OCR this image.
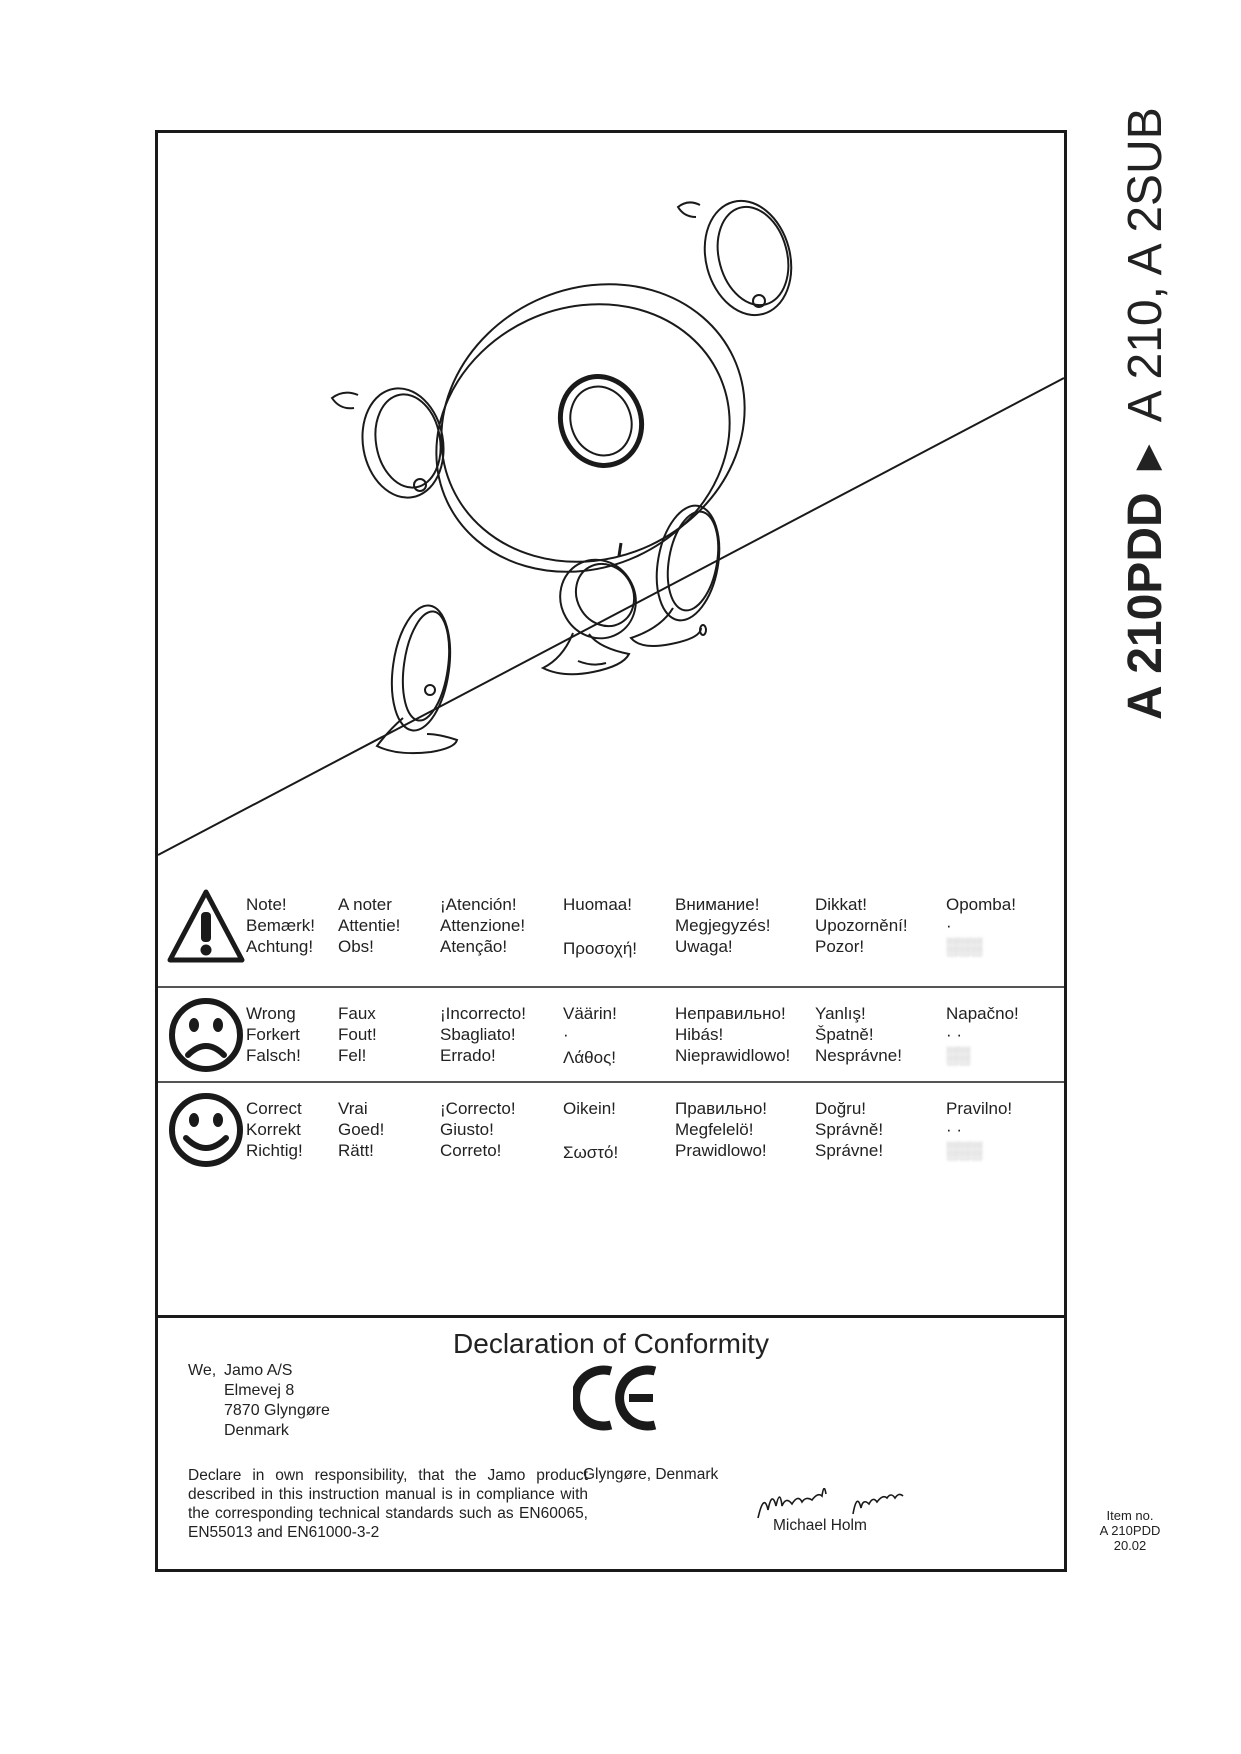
Note!
Bemærk!
Achtung!
A noter
Attentie!
Obs!
¡Atención!
Attenzione!
Atenção!
Huomaa!
Προσοχή!
Внимание!
Megjegyzés!
Uwaga!
Dikkat!
Upozornění!
Pozor!
Opomba!
·
░░░
Wrong
Forkert
Falsch!
Faux
Fout!
Fel!
¡Incorrecto!
Sbagliato!
Errado!
Väärin!
·
Λάθος!
Неправильно!
Hibás!
Nieprawidlowo!
Yanlış!
Špatně!
Nesprávne!
Napačno!
· ·
░░
Correct
Korrekt
Richtig!
Vrai
Goed!
Rätt!
¡Correcto!
Giusto!
Correto!
Oikein!
Σωστό!
Правильно!
Megfelelö!
Prawidlowo!
Doğru!
Správně!
Správne!
Pravilno!
· ·
░░░
Declaration of Conformity
We, Jamo A/S
Elmevej 8
7870 Glyngøre
Denmark
Declare in own responsibility, that the Jamo product described in this instruction manual is in compliance with the corresponding technical standards such as EN60065, EN55013 and EN61000-3-2
Glyngøre, Denmark
Michael Holm
A 210PDD▶A 210, A 2SUB
Item no.
A 210PDD
20.02
